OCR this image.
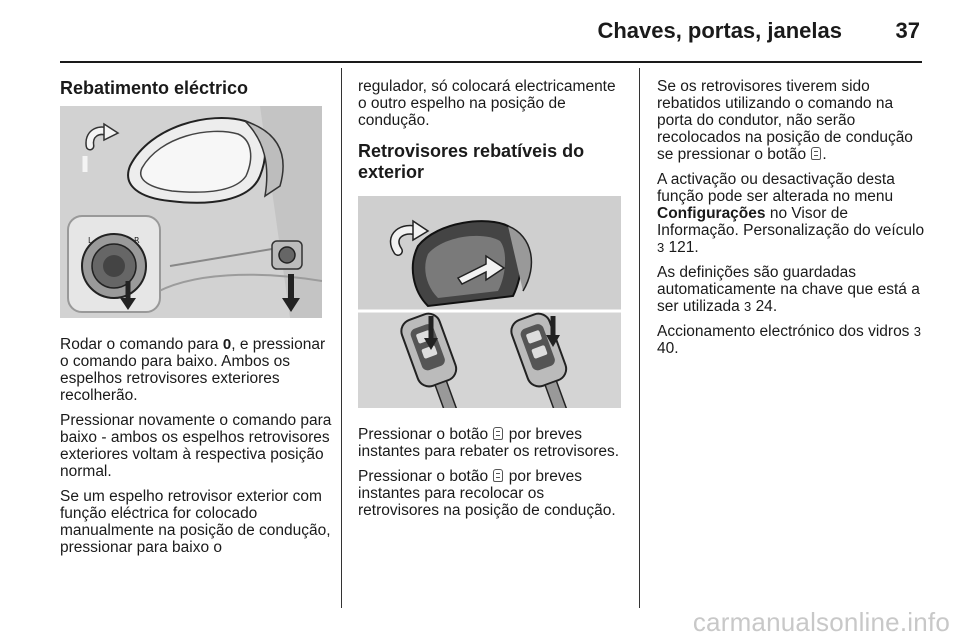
Chaves, portas, janelas 37
Rebatimento eléctrico
L	R

Rodar o comando para 0, e pressionar o comando para baixo. Ambos os espelhos retrovisores exteriores recolherão.

Pressionar novamente o comando para baixo - ambos os espelhos retrovisores exteriores voltam à respectiva posição normal.

Se um espelho retrovisor exterior com função eléctrica for colocado manualmente na posição de condução, pressionar para baixo o

regulador, só colocará electricamente o outro espelho na posição de condução.

Retrovisores rebatíveis do exterior

Pressionar o botão  por breves instantes para rebater os retrovisores.

Pressionar o botão  por breves instantes para recolocar os retrovisores na posição de condução.

Se os retrovisores tiverem sido rebatidos utilizando o comando na porta do condutor, não serão recolocados na posição de condução se pressionar o botão .

A activação ou desactivação desta função pode ser alterada no menu Configurações no Visor de Informação. Personalização do veículo 3 121.

As definições são guardadas automaticamente na chave que está a ser utilizada 3 24.

Accionamento electrónico dos vidros 3 40.

carmanualsonline.info
